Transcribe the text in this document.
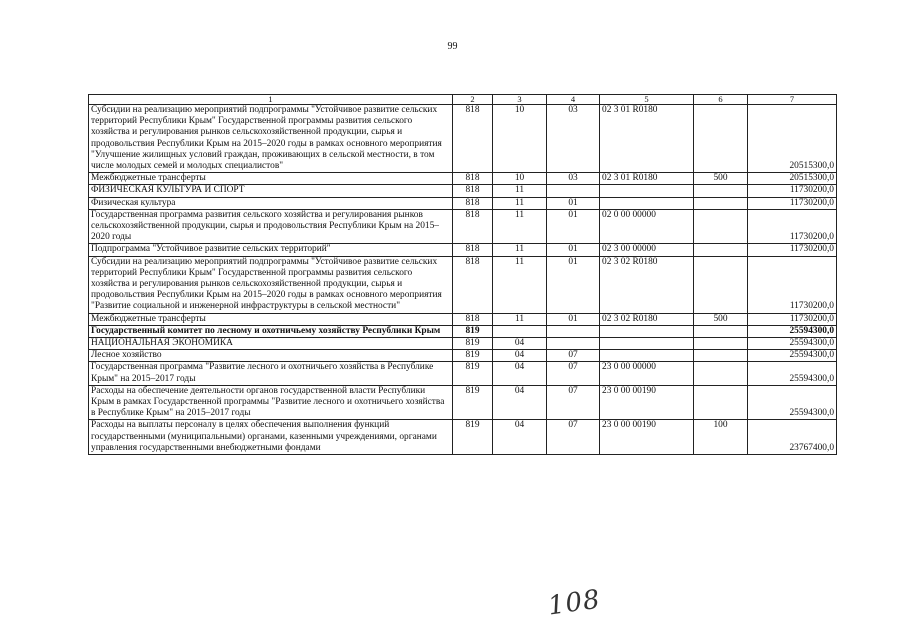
99
1	2	3	4	5	6	7
Субсидии на реализацию мероприятий подпрограммы "Устойчивое развитие сельских территорий Республики Крым" Государственной программы развития сельского хозяйства и регулирования рынков сельскохозяйственной продукции, сырья и продовольствия Республики Крым на 2015–2020 годы в рамках основного мероприятия "Улучшение жилищных условий граждан, проживающих в сельской местности, в том числе молодых семей и молодых специалистов"	818	10	03	02 3 01 R0180		20515300,0
Межбюджетные трансферты	818	10	03	02 3 01 R0180	500	20515300,0
ФИЗИЧЕСКАЯ КУЛЬТУРА И СПОРТ	818	11				11730200,0
Физическая культура	818	11	01			11730200,0
Государственная программа развития сельского хозяйства и регулирования рынков сельскохозяйственной продукции, сырья и продовольствия Республики Крым на 2015–2020 годы	818	11	01	02 0 00 00000		11730200,0
Подпрограмма "Устойчивое развитие сельских территорий"	818	11	01	02 3 00 00000		11730200,0
Субсидии на реализацию мероприятий подпрограммы "Устойчивое развитие сельских территорий Республики Крым" Государственной программы развития сельского хозяйства и регулирования рынков сельскохозяйственной продукции, сырья и продовольствия Республики Крым на 2015–2020 годы в рамках основного мероприятия "Развитие социальной и инженерной инфраструктуры в сельской местности"	818	11	01	02 3 02 R0180		11730200,0
Межбюджетные трансферты	818	11	01	02 3 02 R0180	500	11730200,0
Государственный комитет по лесному и охотничьему хозяйству Республики Крым	819					25594300,0
НАЦИОНАЛЬНАЯ ЭКОНОМИКА	819	04				25594300,0
Лесное хозяйство	819	04	07			25594300,0
Государственная программа "Развитие лесного и охотничьего хозяйства в Республике Крым" на 2015–2017 годы	819	04	07	23 0 00 00000		25594300,0
Расходы на обеспечение деятельности органов государственной власти Республики Крым в рамках Государственной программы "Развитие лесного и охотничьего хозяйства в Республике Крым" на 2015–2017 годы	819	04	07	23 0 00 00190		25594300,0
Расходы на выплаты персоналу в целях обеспечения выполнения функций государственными (муниципальными) органами, казенными учреждениями, органами управления государственными внебюджетными фондами	819	04	07	23 0 00 00190	100	23767400,0
108
